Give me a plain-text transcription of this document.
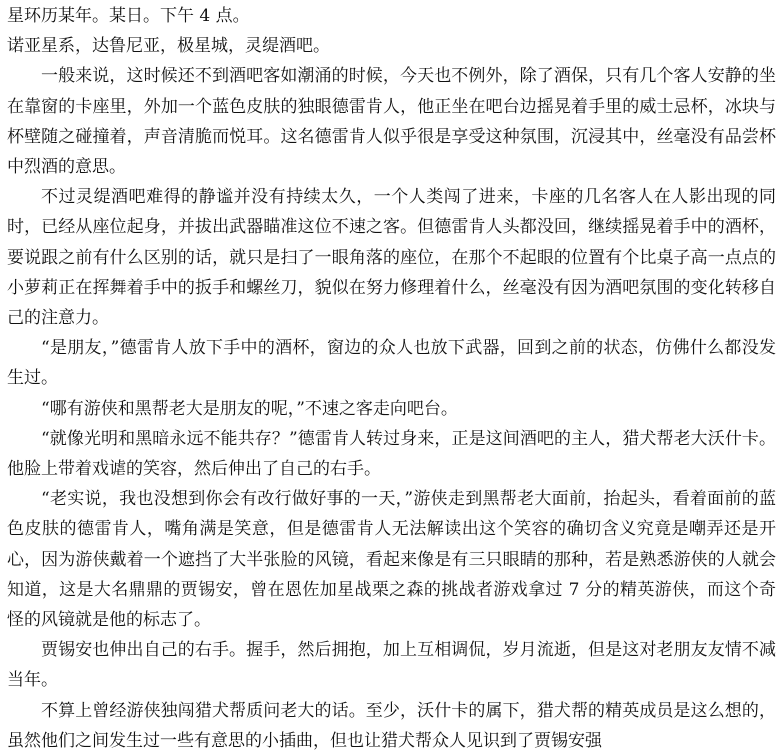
星环历某年。某日。下午 4 点。

诺亚星系，达鲁尼亚，极星城，灵缇酒吧。

一般来说，这时候还不到酒吧客如潮涌的时候，今天也不例外，除了酒保，只有几个客人安静的坐在靠窗的卡座里，外加一个蓝色皮肤的独眼德雷肯人，他正坐在吧台边摇晃着手里的威士忌杯，冰块与杯壁随之碰撞着，声音清脆而悦耳。这名德雷肯人似乎很是享受这种氛围，沉浸其中，丝毫没有品尝杯中烈酒的意思。

不过灵缇酒吧难得的静谧并没有持续太久，一个人类闯了进来，卡座的几名客人在人影出现的同时，已经从座位起身，并拔出武器瞄准这位不速之客。但德雷肯人头都没回，继续摇晃着手中的酒杯，要说跟之前有什么区别的话，就只是扫了一眼角落的座位，在那个不起眼的位置有个比桌子高一点点的小萝莉正在挥舞着手中的扳手和螺丝刀，貌似在努力修理着什么，丝毫没有因为酒吧氛围的变化转移自己的注意力。

“是朋友，”德雷肯人放下手中的酒杯，窗边的众人也放下武器，回到之前的状态，仿佛什么都没发生过。

“哪有游侠和黑帮老大是朋友的呢，”不速之客走向吧台。

“就像光明和黑暗永远不能共存？”德雷肯人转过身来，正是这间酒吧的主人，猎犬帮老大沃什卡。他脸上带着戏谑的笑容，然后伸出了自己的右手。

“老实说，我也没想到你会有改行做好事的一天，”游侠走到黑帮老大面前，抬起头，看着面前的蓝色皮肤的德雷肯人，嘴角满是笑意，但是德雷肯人无法解读出这个笑容的确切含义究竟是嘲弄还是开心，因为游侠戴着一个遮挡了大半张脸的风镜，看起来像是有三只眼睛的那种，若是熟悉游侠的人就会知道，这是大名鼎鼎的贾锡安，曾在恩佐加星战栗之森的挑战者游戏拿过 7 分的精英游侠，而这个奇怪的风镜就是他的标志了。

贾锡安也伸出自己的右手。握手，然后拥抱，加上互相调侃，岁月流逝，但是这对老朋友友情不减当年。

不算上曾经游侠独闯猎犬帮质问老大的话。至少，沃什卡的属下，猎犬帮的精英成员是这么想的，虽然他们之间发生过一些有意思的小插曲，但也让猎犬帮众人见识到了贾锡安强
